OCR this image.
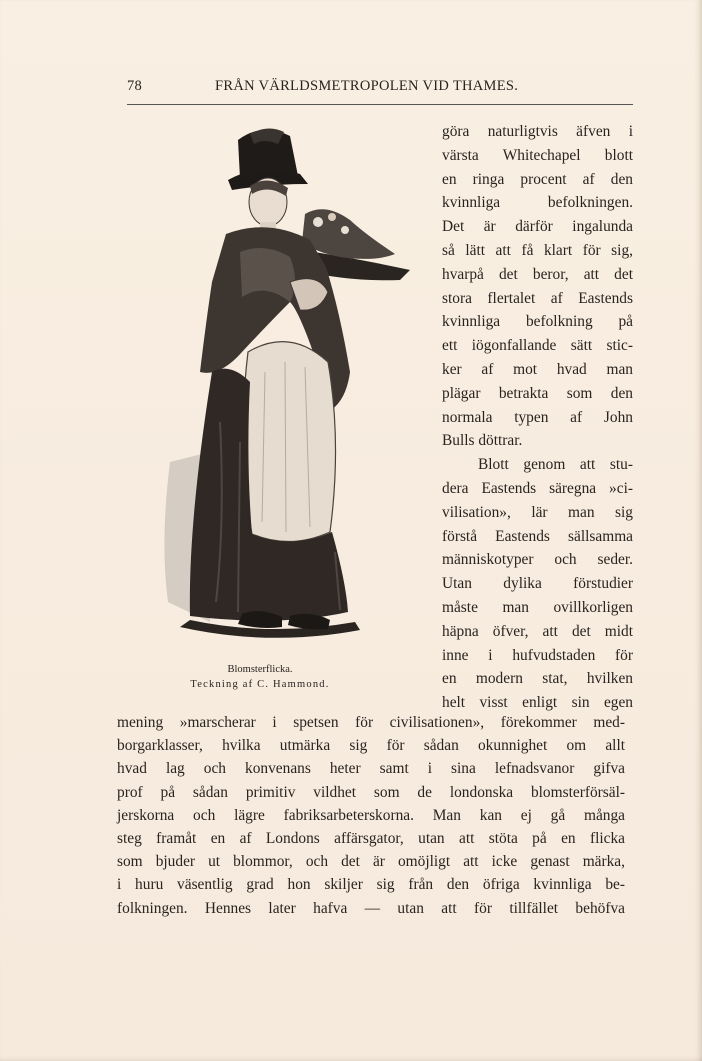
78	FRÅN VÄRLDSMETROPOLEN VID THAMES.
Blomsterflicka.
Teckning af C. Hammond.
göra naturligtvis äfven i
värsta Whitechapel blott
en ringa procent af den
kvinnliga befolkningen.
Det är därför ingalunda
så lätt att få klart för sig,
hvarpå det beror, att det
stora flertalet af Eastends
kvinnliga befolkning på
ett iögonfallande sätt stic-
ker af mot hvad man
plägar betrakta som den
normala typen af John
Bulls döttrar.
Blott genom att stu-
dera Eastends säregna »ci-
vilisation», lär man sig
förstå Eastends sällsamma
människotyper och seder.
Utan dylika förstudier
måste man ovillkorligen
häpna öfver, att det midt
inne i hufvudstaden för
en modern stat, hvilken
helt visst enligt sin egen
mening »marscherar i spetsen för civilisationen», förekommer med-
borgarklasser, hvilka utmärka sig för sådan okunnighet om allt
hvad lag och konvenans heter samt i sina lefnadsvanor gifva
prof på sådan primitiv vildhet som de londonska blomsterförsäl-
jerskorna och lägre fabriksarbeterskorna. Man kan ej gå många
steg framåt en af Londons affärsgator, utan att stöta på en flicka
som bjuder ut blommor, och det är omöjligt att icke genast märka,
i huru väsentlig grad hon skiljer sig från den öfriga kvinnliga be-
folkningen. Hennes later hafva — utan att för tillfället behöfva
